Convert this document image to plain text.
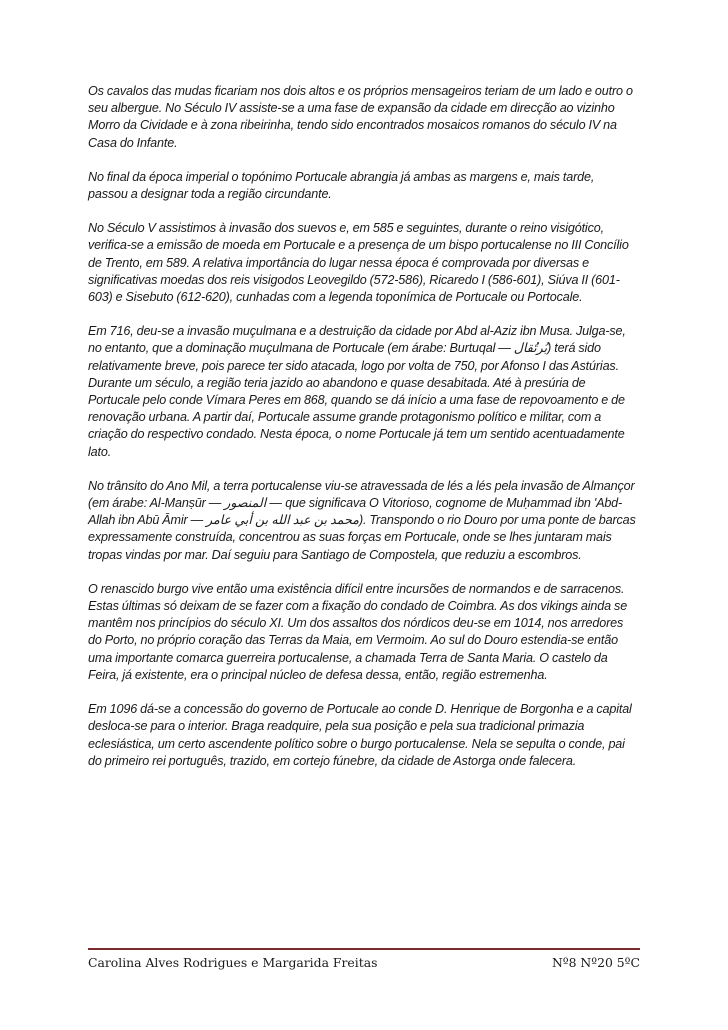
Os cavalos das mudas ficariam nos dois altos e os próprios mensageiros teriam de um lado e outro o seu albergue. No Século IV assiste-se a uma fase de expansão da cidade em direcção ao vizinho Morro da Cividade e à zona ribeirinha, tendo sido encontrados mosaicos romanos do século IV na Casa do Infante.

No final da época imperial o topónimo Portucale abrangia já ambas as margens e, mais tarde, passou a designar toda a região circundante.

No Século V assistimos à invasão dos suevos e, em 585 e seguintes, durante o reino visigótico, verifica-se a emissão de moeda em Portucale e a presença de um bispo portucalense no III Concílio de Trento, em 589. A relativa importância do lugar nessa época é comprovada por diversas e significativas moedas dos reis visigodos Leovegildo (572-586), Ricaredo I (586-601), Siúva II (601-603) e Sisebuto (612-620), cunhadas com a legenda toponímica de Portucale ou Portocale.

Em 716, deu-se a invasão muçulmana e a destruição da cidade por Abd al-Aziz ibn Musa. Julga-se, no entanto, que a dominação muçulmana de Portucale (em árabe: Burtuqal — بُرتُقال) terá sido relativamente breve, pois parece ter sido atacada, logo por volta de 750, por Afonso I das Astúrias. Durante um século, a região teria jazido ao abandono e quase desabitada. Até à presúria de Portucale pelo conde Vímara Peres em 868, quando se dá início a uma fase de repovoamento e de renovação urbana. A partir daí, Portucale assume grande protagonismo político e militar, com a criação do respectivo condado. Nesta época, o nome Portucale já tem um sentido acentuadamente lato.

No trânsito do Ano Mil, a terra portucalense viu-se atravessada de lés a lés pela invasão de Almançor (em árabe: Al-Manṣūr — المنصور — que significava O Vitorioso, cognome de Muḥammad ibn 'Abd-Allah ibn Abū Āmir — محمد بن عبد الله بن أبي عامر). Transpondo o rio Douro por uma ponte de barcas expressamente construída, concentrou as suas forças em Portucale, onde se lhes juntaram mais tropas vindas por mar. Daí seguiu para Santiago de Compostela, que reduziu a escombros.

O renascido burgo vive então uma existência difícil entre incursões de normandos e de sarracenos. Estas últimas só deixam de se fazer com a fixação do condado de Coimbra. As dos vikings ainda se mantêm nos princípios do século XI. Um dos assaltos dos nórdicos deu-se em 1014, nos arredores do Porto, no próprio coração das Terras da Maia, em Vermoim. Ao sul do Douro estendia-se então uma importante comarca guerreira portucalense, a chamada Terra de Santa Maria. O castelo da Feira, já existente, era o principal núcleo de defesa dessa, então, região estremenha.

Em 1096 dá-se a concessão do governo de Portucale ao conde D. Henrique de Borgonha e a capital desloca-se para o interior. Braga readquire, pela sua posição e pela sua tradicional primazia eclesiástica, um certo ascendente político sobre o burgo portucalense. Nela se sepulta o conde, pai do primeiro rei português, trazido, em cortejo fúnebre, da cidade de Astorga onde falecera.

Carolina Alves Rodrigues e Margarida Freitas	Nº8 Nº20 5ºC
